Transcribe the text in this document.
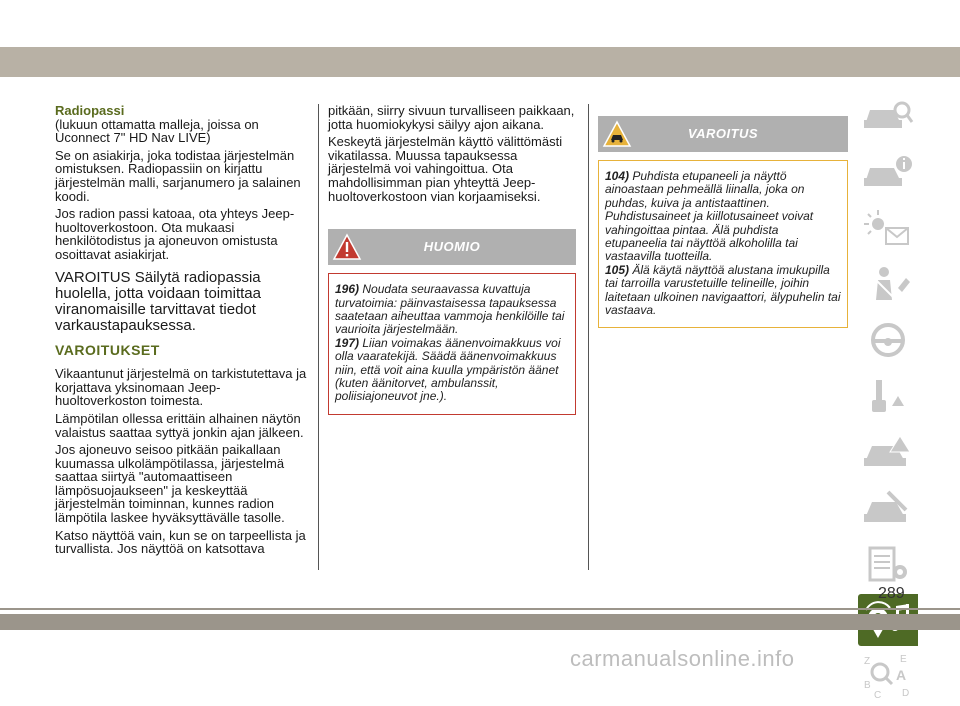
Radiopassi

(lukuun ottamatta malleja, joissa on Uconnect 7" HD Nav LIVE)

Se on asiakirja, joka todistaa järjestelmän omistuksen. Radiopassiin on kirjattu järjestelmän malli, sarjanumero ja salainen koodi.

Jos radion passi katoaa, ota yhteys Jeep-huoltoverkostoon. Ota mukaasi henkilötodistus ja ajoneuvon omistusta osoittavat asiakirjat.

VAROITUS Säilytä radiopassia huolella, jotta voidaan toimittaa viranomaisille tarvittavat tiedot varkaustapauksessa.

VAROITUKSET

Vikaantunut järjestelmä on tarkistutettava ja korjattava yksinomaan Jeep-huoltoverkoston toimesta.

Lämpötilan ollessa erittäin alhainen näytön valaistus saattaa syttyä jonkin ajan jälkeen.

Jos ajoneuvo seisoo pitkään paikallaan kuumassa ulkolämpötilassa, järjestelmä saattaa siirtyä "automaattiseen lämpösuojaukseen" ja keskeyttää järjestelmän toiminnan, kunnes radion lämpötila laskee hyväksyttävälle tasolle.

Katso näyttöä vain, kun se on tarpeellista ja turvallista. Jos näyttöä on katsottava

pitkään, siirry sivuun turvalliseen paikkaan, jotta huomiokykysi säilyy ajon aikana.

Keskeytä järjestelmän käyttö välittömästi vikatilassa. Muussa tapauksessa järjestelmä voi vahingoittua. Ota mahdollisimman pian yhteyttä Jeep-huoltoverkostoon vian korjaamiseksi.

HUOMIO
196) Noudata seuraavassa kuvattuja turvatoimia: päinvastaisessa tapauksessa saatetaan aiheuttaa vammoja henkilöille tai vaurioita järjestelmään.
197) Liian voimakas äänenvoimakkuus voi olla vaaratekijä. Säädä äänenvoimakkuus niin, että voit aina kuulla ympäristön äänet (kuten äänitorvet, ambulanssit, poliisiajoneuvot jne.).
VAROITUS
104) Puhdista etupaneeli ja näyttö ainoastaan pehmeällä liinalla, joka on puhdas, kuiva ja antistaattinen. Puhdistusaineet ja kiillotusaineet voivat vahingoittaa pintaa. Älä puhdista etupaneelia tai näyttöä alkoholilla tai vastaavilla tuotteilla.
105) Älä käytä näyttöä alustana imukupilla tai tarroilla varustetuille telineille, joihin laitetaan ulkoinen navigaattori, älypuhelin tai vastaava.
Z	E
B
A
C D
289
carmanualsonline.info
